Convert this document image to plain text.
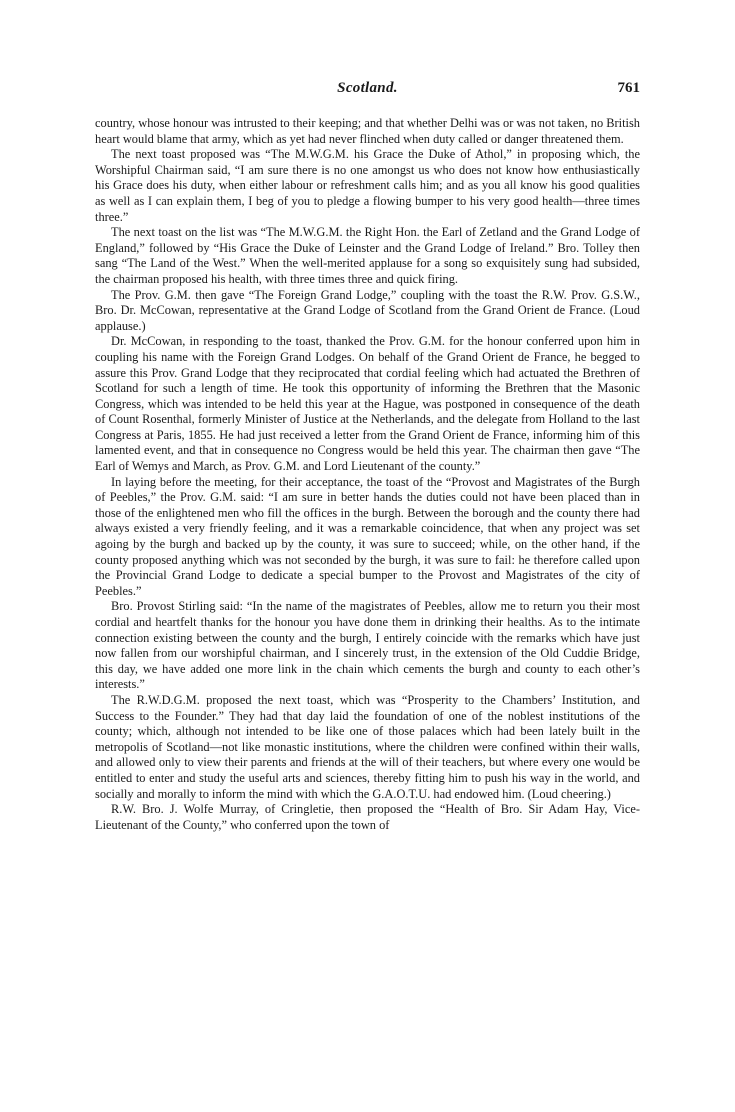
Scotland.	761

country, whose honour was intrusted to their keeping; and that whether Delhi was or was not taken, no British heart would blame that army, which as yet had never flinched when duty called or danger threatened them.

The next toast proposed was “The M.W.G.M. his Grace the Duke of Athol,” in proposing which, the Worshipful Chairman said, “I am sure there is no one amongst us who does not know how enthusiastically his Grace does his duty, when either labour or refreshment calls him; and as you all know his good qualities as well as I can explain them, I beg of you to pledge a flowing bumper to his very good health—three times three.”

The next toast on the list was “The M.W.G.M. the Right Hon. the Earl of Zetland and the Grand Lodge of England,” followed by “His Grace the Duke of Leinster and the Grand Lodge of Ireland.” Bro. Tolley then sang “The Land of the West.” When the well-merited applause for a song so exquisitely sung had subsided, the chairman proposed his health, with three times three and quick firing.

The Prov. G.M. then gave “The Foreign Grand Lodge,” coupling with the toast the R.W. Prov. G.S.W., Bro. Dr. McCowan, representative at the Grand Lodge of Scotland from the Grand Orient de France. (Loud applause.)

Dr. McCowan, in responding to the toast, thanked the Prov. G.M. for the honour conferred upon him in coupling his name with the Foreign Grand Lodges. On behalf of the Grand Orient de France, he begged to assure this Prov. Grand Lodge that they reciprocated that cordial feeling which had actuated the Brethren of Scotland for such a length of time. He took this opportunity of informing the Brethren that the Masonic Congress, which was intended to be held this year at the Hague, was postponed in consequence of the death of Count Rosenthal, formerly Minister of Justice at the Netherlands, and the delegate from Holland to the last Congress at Paris, 1855. He had just received a letter from the Grand Orient de France, informing him of this lamented event, and that in consequence no Congress would be held this year. The chairman then gave “The Earl of Wemys and March, as Prov. G.M. and Lord Lieutenant of the county.”

In laying before the meeting, for their acceptance, the toast of the “Provost and Magistrates of the Burgh of Peebles,” the Prov. G.M. said: “I am sure in better hands the duties could not have been placed than in those of the enlightened men who fill the offices in the burgh. Between the borough and the county there had always existed a very friendly feeling, and it was a remarkable coincidence, that when any project was set agoing by the burgh and backed up by the county, it was sure to succeed; while, on the other hand, if the county proposed anything which was not seconded by the burgh, it was sure to fail: he therefore called upon the Provincial Grand Lodge to dedicate a special bumper to the Provost and Magistrates of the city of Peebles.”

Bro. Provost Stirling said: “In the name of the magistrates of Peebles, allow me to return you their most cordial and heartfelt thanks for the honour you have done them in drinking their healths. As to the intimate connection existing between the county and the burgh, I entirely coincide with the remarks which have just now fallen from our worshipful chairman, and I sincerely trust, in the extension of the Old Cuddie Bridge, this day, we have added one more link in the chain which cements the burgh and county to each other’s interests.”

The R.W.D.G.M. proposed the next toast, which was “Prosperity to the Chambers’ Institution, and Success to the Founder.” They had that day laid the foundation of one of the noblest institutions of the county; which, although not intended to be like one of those palaces which had been lately built in the metropolis of Scotland—not like monastic institutions, where the children were confined within their walls, and allowed only to view their parents and friends at the will of their teachers, but where every one would be entitled to enter and study the useful arts and sciences, thereby fitting him to push his way in the world, and socially and morally to inform the mind with which the G.A.O.T.U. had endowed him. (Loud cheering.)

R.W. Bro. J. Wolfe Murray, of Cringletie, then proposed the “Health of Bro. Sir Adam Hay, Vice-Lieutenant of the County,” who conferred upon the town of
